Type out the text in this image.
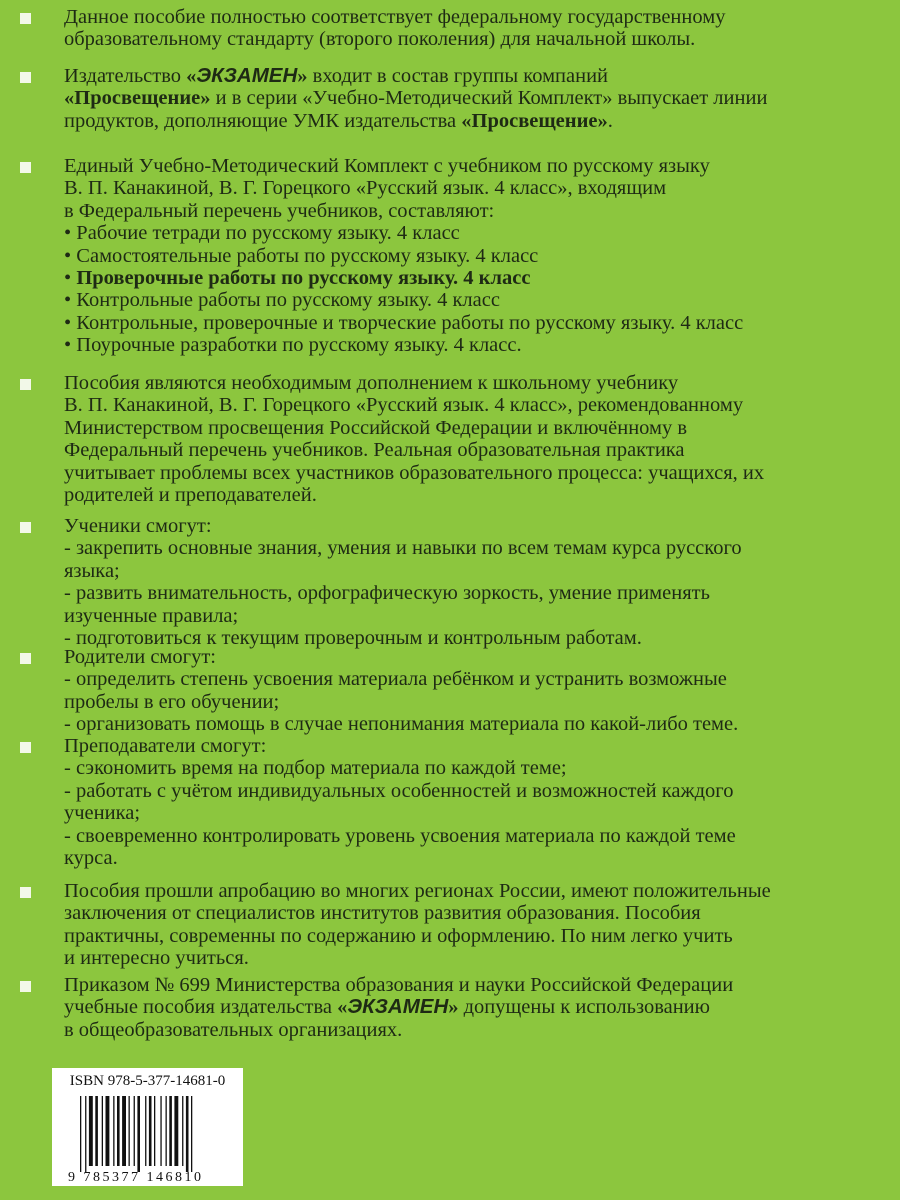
Данное пособие полностью соответствует федеральному государственному
образовательному стандарту (второго поколения) для начальной школы.
Издательство «ЭКЗАМЕН» входит в состав группы компаний
«Просвещение» и в серии «Учебно-Методический Комплект» выпускает линии
продуктов, дополняющие УМК издательства «Просвещение».
Единый Учебно-Методический Комплект с учебником по русскому языку
В. П. Канакиной, В. Г. Горецкого «Русский язык. 4 класс», входящим
в Федеральный перечень учебников, составляют:
• Рабочие тетради по русскому языку. 4 класс
• Самостоятельные работы по русскому языку. 4 класс
• Проверочные работы по русскому языку. 4 класс
• Контрольные работы по русскому языку. 4 класс
• Контрольные, проверочные и творческие работы по русскому языку. 4 класс
• Поурочные разработки по русскому языку. 4 класс.
Пособия являются необходимым дополнением к школьному учебнику
В. П. Канакиной, В. Г. Горецкого «Русский язык. 4 класс», рекомендованному
Министерством просвещения Российской Федерации и включённому в
Федеральный перечень учебников. Реальная образовательная практика
учитывает проблемы всех участников образовательного процесса: учащихся, их
родителей и преподавателей.
Ученики смогут:
- закрепить основные знания, умения и навыки по всем темам курса русского
языка;
- развить внимательность, орфографическую зоркость, умение применять
изученные правила;
- подготовиться к текущим проверочным и контрольным работам.
Родители смогут:
- определить степень усвоения материала ребёнком и устранить возможные
пробелы в его обучении;
- организовать помощь в случае непонимания материала по какой-либо теме.
Преподаватели смогут:
- сэкономить время на подбор материала по каждой теме;
- работать с учётом индивидуальных особенностей и возможностей каждого
ученика;
- своевременно контролировать уровень усвоения материала по каждой теме
курса.
Пособия прошли апробацию во многих регионах России, имеют положительные
заключения от специалистов институтов развития образования. Пособия
практичны, современны по содержанию и оформлению. По ним легко учить
и интересно учиться.
Приказом № 699 Министерства образования и науки Российской Федерации
учебные пособия издательства «ЭКЗАМЕН» допущены к использованию
в общеобразовательных организациях.
ISBN 978-5-377-14681-0
9 785377 146810
